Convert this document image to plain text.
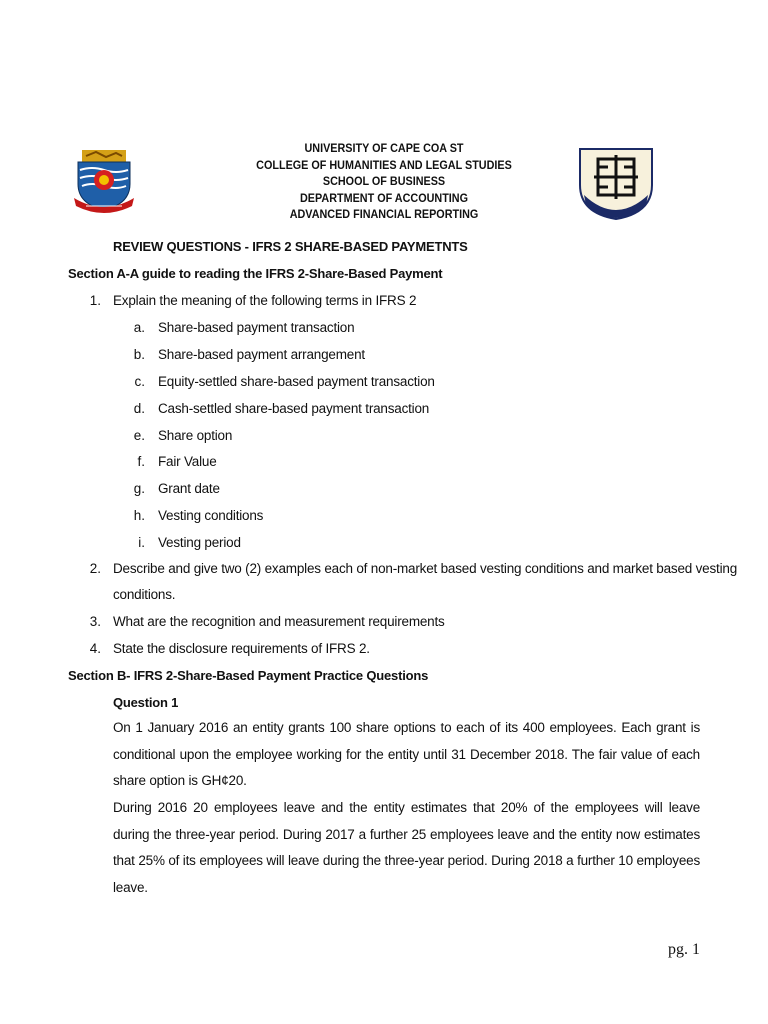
UNIVERSITY OF CAPE COA ST
COLLEGE OF HUMANITIES AND LEGAL STUDIES
SCHOOL OF BUSINESS
DEPARTMENT OF ACCOUNTING
ADVANCED FINANCIAL REPORTING
REVIEW QUESTIONS - IFRS 2 SHARE-BASED PAYMETNTS
Section A-A guide to reading the IFRS 2-Share-Based Payment
1. Explain the meaning of the following terms in IFRS 2
a. Share-based payment transaction
b. Share-based payment arrangement
c. Equity-settled share-based payment transaction
d. Cash-settled share-based payment transaction
e. Share option
f. Fair Value
g. Grant date
h. Vesting conditions
i. Vesting period
2. Describe and give two (2) examples each of non-market based vesting conditions and market based vesting
conditions.
3. What are the recognition and measurement requirements
4. State the disclosure requirements of IFRS 2.
Section B- IFRS 2-Share-Based Payment Practice Questions
Question 1
On 1 January 2016 an entity grants 100 share options to each of its 400 employees. Each grant is conditional upon the employee working for the entity until 31 December 2018. The fair value of each share option is GH¢20.
During 2016 20 employees leave and the entity estimates that 20% of the employees will leave during the three-year period. During 2017 a further 25 employees leave and the entity now estimates that 25% of its employees will leave during the three-year period. During 2018 a further 10 employees leave.
pg. 1
